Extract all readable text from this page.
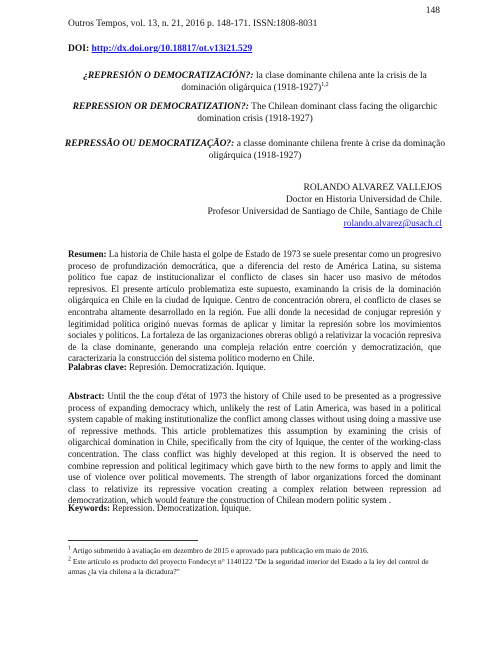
148
Outros Tempos, vol. 13, n. 21, 2016 p. 148-171. ISSN:1808-8031
DOI: http://dx.doi.org/10.18817/ot.v13i21.529
¿REPRESIÓN O DEMOCRATIZACIÓN?: la clase dominante chilena ante la crisis de la dominación oligárquica (1918-1927)$^{1,2}$
REPRESSION OR DEMOCRATIZATION?: The Chilean dominant class facing the oligarchic domination crisis (1918-1927)
REPRESSÃO OU DEMOCRATIZAÇÃO?: a classe dominante chilena frente à crise da dominação oligárquica (1918-1927)
ROLANDO ALVAREZ VALLEJOS
Doctor en Historia Universidad de Chile.
Profesor Universidad de Santiago de Chile, Santiago de Chile
rolando.alvarez@usach.cl
Resumen: La historia de Chile hasta el golpe de Estado de 1973 se suele presentar como un progresivo proceso de profundización democrática, que a diferencia del resto de América Latina, su sistema político fue capaz de institucionalizar el conflicto de clases sin hacer uso masivo de métodos represivos. El presente artículo problematiza este supuesto, examinando la crisis de la dominación oligárquica en Chile en la ciudad de Iquique. Centro de concentración obrera, el conflicto de clases se encontraba altamente desarrollado en la región. Fue allí donde la necesidad de conjugar represión y legitimidad política originó nuevas formas de aplicar y limitar la represión sobre los movimientos sociales y políticos. La fortaleza de las organizaciones obreras obligó a relativizar la vocación represiva de la clase dominante, generando una compleja relación entre coerción y democratización, que caracterizaría la construcción del sistema político moderno en Chile.
Palabras clave: Represión. Democratización. Iquique.
Abstract: Until the the coup d'état of 1973 the history of Chile used to be presented as a progressive process of expanding democracy which, unlikely the rest of Latin America, was based in a political system capable of making institutionalize the conflict among classes without using doing a massive use of repressive methods. This article problematizes this assumption by examining the crisis of oligarchical domination in Chile, specifically from the city of Iquique, the center of the working-class concentration. The class conflict was highly developed at this region. It is observed the need to combine repression and political legitimacy which gave birth to the new forms to apply and limit the use of violence over political movements. The strength of labor organizations forced the dominant class to relativize its repressive vocation creating a complex relation between repression ad democratization, which would feature the construction of Chilean modern politic system .
Keywords: Repression. Democratization. Iquique.
$^1$ Artigo submetido à avaliação em dezembro de 2015 e aprovado para publicação em maio de 2016.
$^2$ Este artículo es producto del proyecto Fondecyt n° 1140122 "De la seguridad interior del Estado a la ley del control de armas ¿la vía chilena a la dictadura?"
